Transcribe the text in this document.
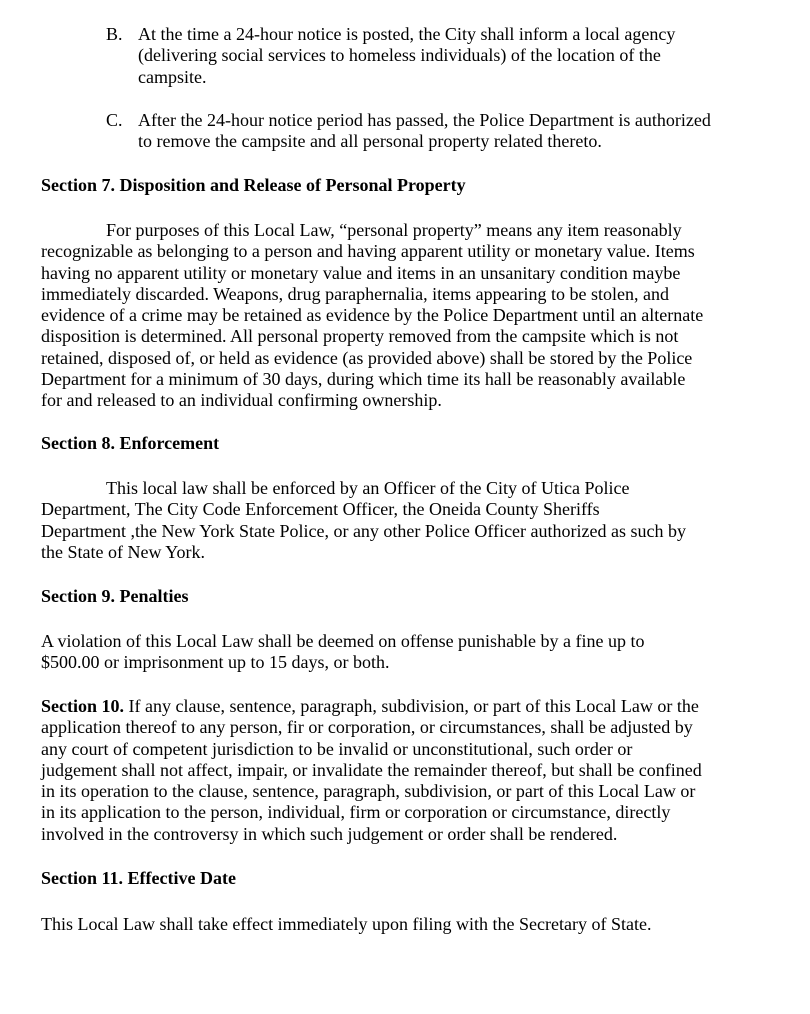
B. At the time a 24-hour notice is posted, the City shall inform a local agency
(delivering social services to homeless individuals) of the location of the
campsite.
C. After the 24-hour notice period has passed, the Police Department is authorized
to remove the campsite and all personal property related thereto.
Section 7. Disposition and Release of Personal Property
For purposes of this Local Law, “personal property” means any item reasonably
recognizable as belonging to a person and having apparent utility or monetary value. Items
having no apparent utility or monetary value and items in an unsanitary condition maybe
immediately discarded. Weapons, drug paraphernalia, items appearing to be stolen, and
evidence of a crime may be retained as evidence by the Police Department until an alternate
disposition is determined. All personal property removed from the campsite which is not
retained, disposed of, or held as evidence (as provided above) shall be stored by the Police
Department for a minimum of 30 days, during which time its hall be reasonably available
for and released to an individual confirming ownership.
Section 8. Enforcement
This local law shall be enforced by an Officer of the City of Utica Police
Department, The City Code Enforcement Officer, the Oneida County Sheriffs
Department ,the New York State Police, or any other Police Officer authorized as such by
the State of New York.
Section 9. Penalties
A violation of this Local Law shall be deemed on offense punishable by a fine up to
$500.00 or imprisonment up to 15 days, or both.
Section 10. If any clause, sentence, paragraph, subdivision, or part of this Local Law or the
application thereof to any person, fir or corporation, or circumstances, shall be adjusted by
any court of competent jurisdiction to be invalid or unconstitutional, such order or
judgement shall not affect, impair, or invalidate the remainder thereof, but shall be confined
in its operation to the clause, sentence, paragraph, subdivision, or part of this Local Law or
in its application to the person, individual, firm or corporation or circumstance, directly
involved in the controversy in which such judgement or order shall be rendered.
Section 11. Effective Date
This Local Law shall take effect immediately upon filing with the Secretary of State.
